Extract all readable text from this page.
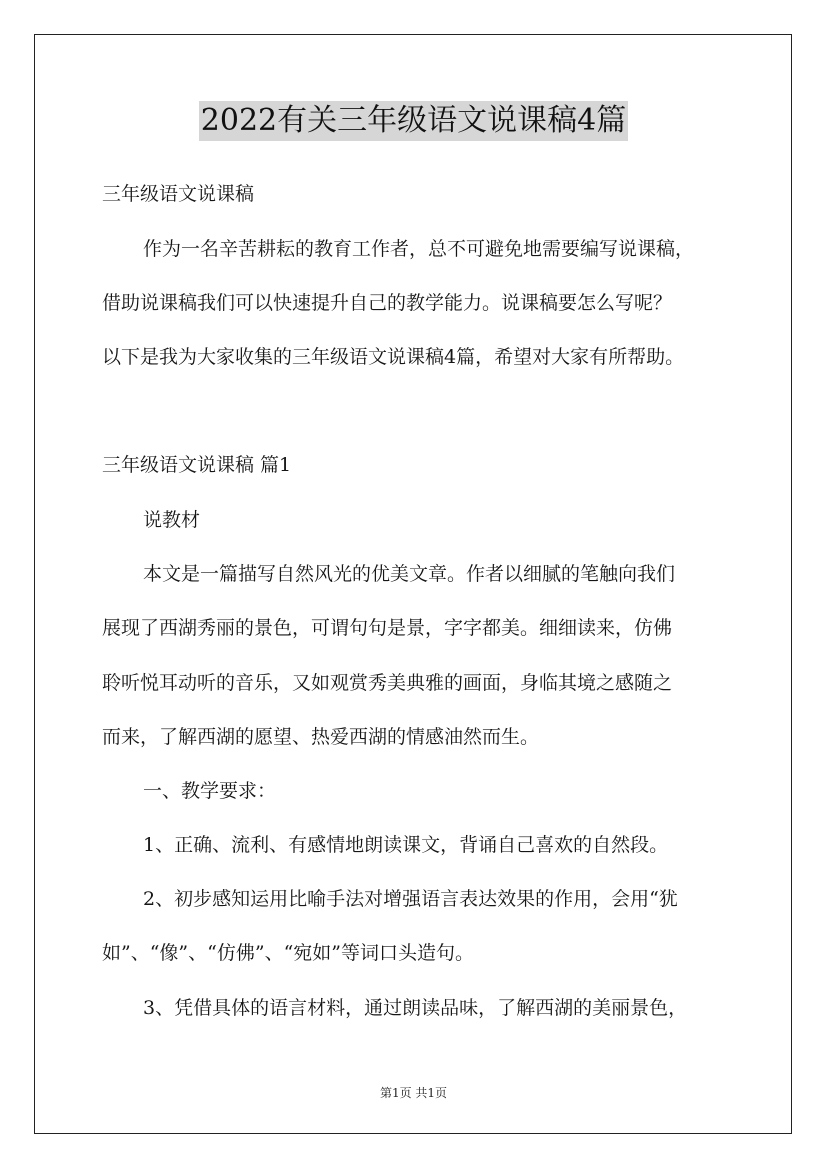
2022有关三年级语文说课稿4篇
三年级语文说课稿
作为一名辛苦耕耘的教育工作者，总不可避免地需要编写说课稿，
借助说课稿我们可以快速提升自己的教学能力。说课稿要怎么写呢？
以下是我为大家收集的三年级语文说课稿4篇，希望对大家有所帮助。
三年级语文说课稿 篇1
说教材
本文是一篇描写自然风光的优美文章。作者以细腻的笔触向我们
展现了西湖秀丽的景色，可谓句句是景，字字都美。细细读来，仿佛
聆听悦耳动听的音乐，又如观赏秀美典雅的画面，身临其境之感随之
而来，了解西湖的愿望、热爱西湖的情感油然而生。
一、教学要求：
1、正确、流利、有感情地朗读课文，背诵自己喜欢的自然段。
2、初步感知运用比喻手法对增强语言表达效果的作用，会用“犹
如”、“像”、“仿佛”、“宛如”等词口头造句。
3、凭借具体的语言材料，通过朗读品味，了解西湖的美丽景色，
第1页 共1页
